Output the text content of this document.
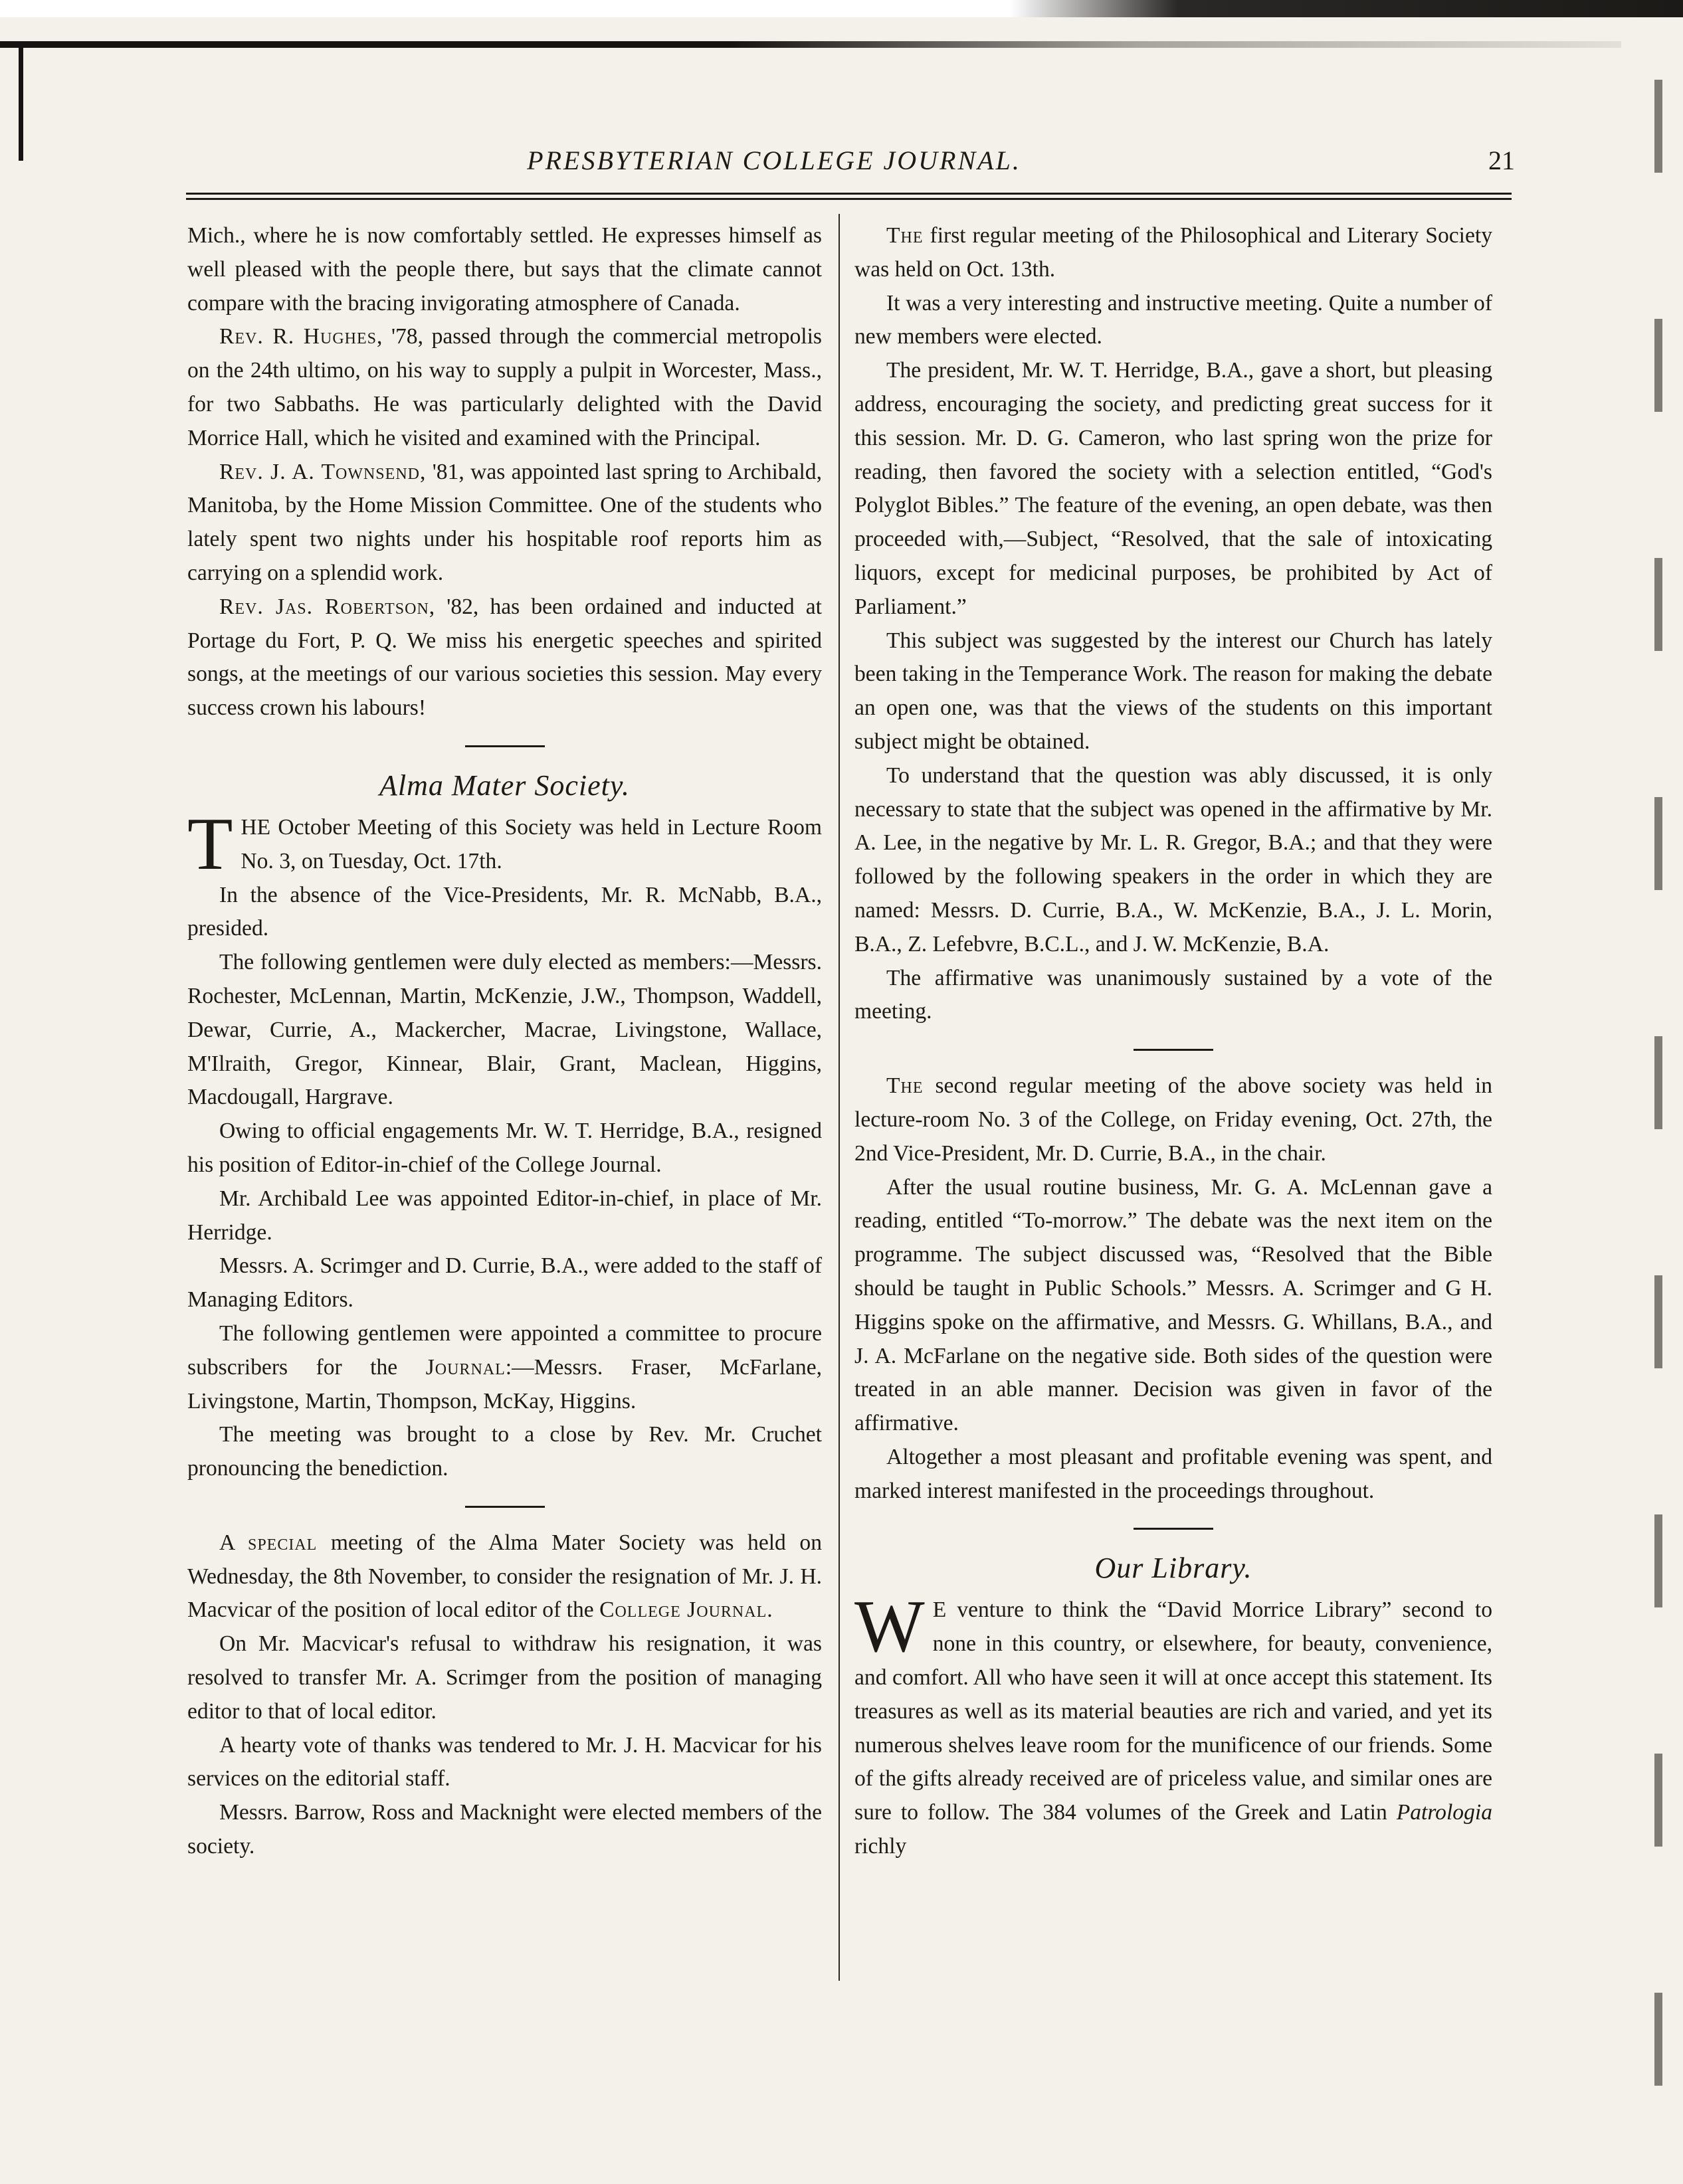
PRESBYTERIAN COLLEGE JOURNAL.	21

Mich., where he is now comfortably settled. He expresses himself as well pleased with the people there, but says that the climate cannot compare with the bracing invigorating atmosphere of Canada.

Rev. R. Hughes, '78, passed through the commercial metropolis on the 24th ultimo, on his way to supply a pulpit in Worcester, Mass., for two Sabbaths. He was particularly delighted with the David Morrice Hall, which he visited and examined with the Principal.

Rev. J. A. Townsend, '81, was appointed last spring to Archibald, Manitoba, by the Home Mission Committee. One of the students who lately spent two nights under his hospitable roof reports him as carrying on a splendid work.

Rev. Jas. Robertson, '82, has been ordained and inducted at Portage du Fort, P. Q. We miss his energetic speeches and spirited songs, at the meetings of our various societies this session. May every success crown his labours!

Alma Mater Society.

THE October Meeting of this Society was held in Lecture Room No. 3, on Tuesday, Oct. 17th.

In the absence of the Vice-Presidents, Mr. R. McNabb, B.A., presided.

The following gentlemen were duly elected as members:—Messrs. Rochester, McLennan, Martin, McKenzie, J.W., Thompson, Waddell, Dewar, Currie, A., Mackercher, Macrae, Livingstone, Wallace, M'Ilraith, Gregor, Kinnear, Blair, Grant, Maclean, Higgins, Macdougall, Hargrave.

Owing to official engagements Mr. W. T. Herridge, B.A., resigned his position of Editor-in-chief of the College Journal.

Mr. Archibald Lee was appointed Editor-in-chief, in place of Mr. Herridge.

Messrs. A. Scrimger and D. Currie, B.A., were added to the staff of Managing Editors.

The following gentlemen were appointed a committee to procure subscribers for the Journal:—Messrs. Fraser, McFarlane, Livingstone, Martin, Thompson, McKay, Higgins.

The meeting was brought to a close by Rev. Mr. Cruchet pronouncing the benediction.

A special meeting of the Alma Mater Society was held on Wednesday, the 8th November, to consider the resignation of Mr. J. H. Macvicar of the position of local editor of the College Journal.

On Mr. Macvicar's refusal to withdraw his resignation, it was resolved to transfer Mr. A. Scrimger from the position of managing editor to that of local editor.

A hearty vote of thanks was tendered to Mr. J. H. Macvicar for his services on the editorial staff.

Messrs. Barrow, Ross and Macknight were elected members of the society.

The first regular meeting of the Philosophical and Literary Society was held on Oct. 13th.

It was a very interesting and instructive meeting. Quite a number of new members were elected.

The president, Mr. W. T. Herridge, B.A., gave a short, but pleasing address, encouraging the society, and predicting great success for it this session. Mr. D. G. Cameron, who last spring won the prize for reading, then favored the society with a selection entitled, “God's Polyglot Bibles.” The feature of the evening, an open debate, was then proceeded with,—Subject, “Resolved, that the sale of intoxicating liquors, except for medicinal purposes, be prohibited by Act of Parliament.”

This subject was suggested by the interest our Church has lately been taking in the Temperance Work. The reason for making the debate an open one, was that the views of the students on this important subject might be obtained.

To understand that the question was ably discussed, it is only necessary to state that the subject was opened in the affirmative by Mr. A. Lee, in the negative by Mr. L. R. Gregor, B.A.; and that they were followed by the following speakers in the order in which they are named: Messrs. D. Currie, B.A., W. McKenzie, B.A., J. L. Morin, B.A., Z. Lefebvre, B.C.L., and J. W. McKenzie, B.A.

The affirmative was unanimously sustained by a vote of the meeting.

The second regular meeting of the above society was held in lecture-room No. 3 of the College, on Friday evening, Oct. 27th, the 2nd Vice-President, Mr. D. Currie, B.A., in the chair.

After the usual routine business, Mr. G. A. McLennan gave a reading, entitled “To-morrow.” The debate was the next item on the programme. The subject discussed was, “Resolved that the Bible should be taught in Public Schools.” Messrs. A. Scrimger and G H. Higgins spoke on the affirmative, and Messrs. G. Whillans, B.A., and J. A. McFarlane on the negative side. Both sides of the question were treated in an able manner. Decision was given in favor of the affirmative.

Altogether a most pleasant and profitable evening was spent, and marked interest manifested in the proceedings throughout.

Our Library.

W E venture to think the “David Morrice Library” second to none in this country, or elsewhere, for beauty, convenience, and comfort. All who have seen it will at once accept this statement. Its treasures as well as its material beauties are rich and varied, and yet its numerous shelves leave room for the munificence of our friends. Some of the gifts already received are of priceless value, and similar ones are sure to follow. The 384 volumes of the Greek and Latin Patrologia richly
